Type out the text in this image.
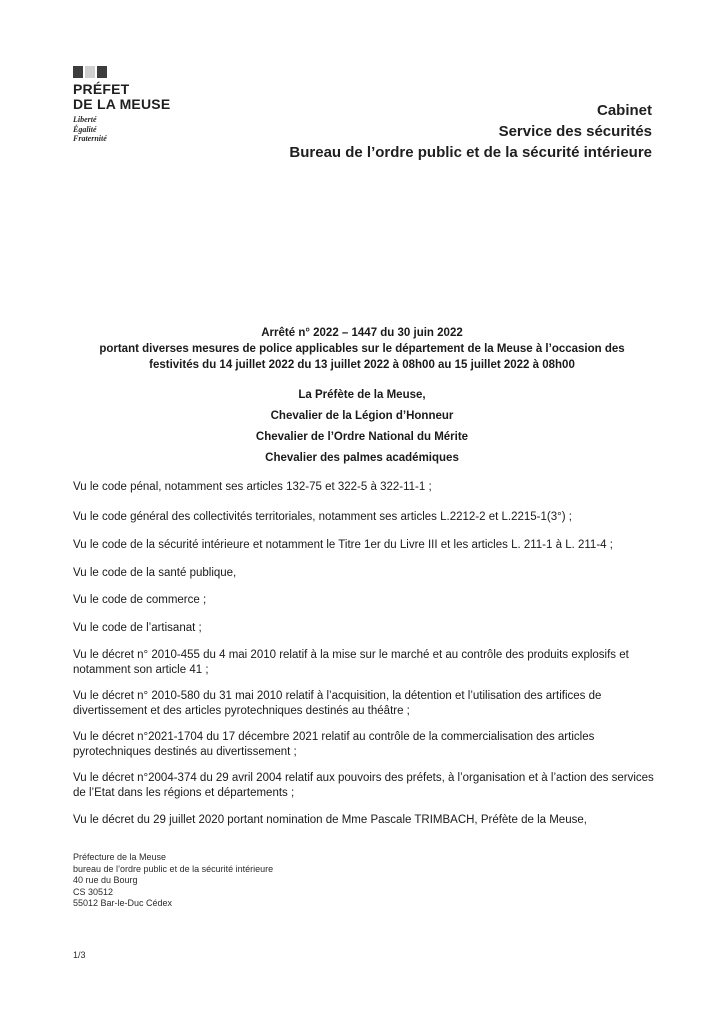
PRÉFET
DE LA MEUSE
Liberté
Égalité
Fraternité
Cabinet
Service des sécurités
Bureau de l’ordre public et de la sécurité intérieure
Arrêté n° 2022 – 1447 du 30 juin 2022
portant diverses mesures de police applicables sur le département de la Meuse à l’occasion des
festivités du 14 juillet 2022 du 13 juillet 2022 à 08h00 au 15 juillet 2022 à 08h00
La Préfète de la Meuse,
Chevalier de la Légion d’Honneur
Chevalier de l’Ordre National du Mérite
Chevalier des palmes académiques

Vu le code pénal, notamment ses articles 132-75 et 322-5 à 322-11-1 ;

Vu le code général des collectivités territoriales, notamment ses articles L.2212-2 et L.2215-1(3°) ;

Vu le code de la sécurité intérieure et notamment le Titre 1er du Livre III et les articles L. 211-1 à L. 211-4 ;

Vu le code de la santé publique,

Vu le code de commerce ;

Vu le code de l’artisanat ;

Vu le décret n° 2010-455 du 4 mai 2010 relatif à la mise sur le marché et au contrôle des produits explosifs et notamment son article 41 ;

Vu le décret n° 2010-580 du 31 mai 2010 relatif à l’acquisition, la détention et l’utilisation des artifices de divertissement et des articles pyrotechniques destinés au théâtre ;

Vu le décret n°2021-1704 du 17 décembre 2021 relatif au contrôle de la commercialisation des articles pyrotechniques destinés au divertissement ;

Vu le décret n°2004-374 du 29 avril 2004 relatif aux pouvoirs des préfets, à l’organisation et à l’action des services de l’Etat dans les régions et départements ;

Vu le décret du 29 juillet 2020 portant nomination de Mme Pascale TRIMBACH, Préfète de la Meuse,

Préfecture de la Meuse
bureau de l’ordre public et de la sécurité intérieure
40 rue du Bourg
CS 30512
55012 Bar-le-Duc Cédex
1/3
